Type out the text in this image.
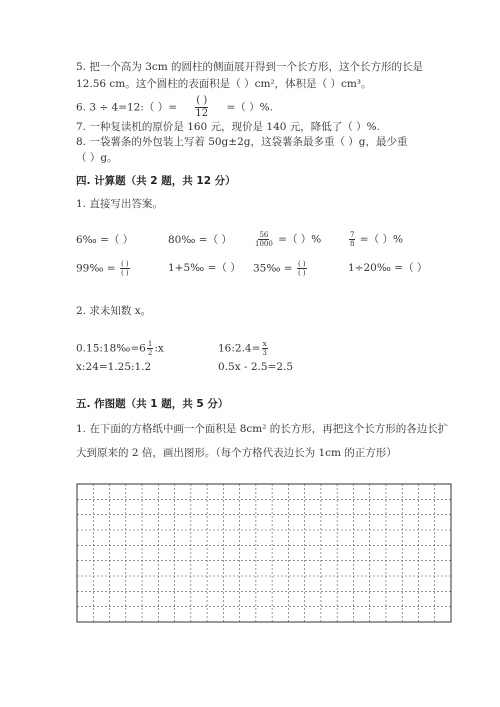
5. 把一个高为 3cm 的圆柱的侧面展开得到一个长方形，这个长方形的长是
12.56 cm。这个圆柱的表面积是（ ）cm²，体积是（ ）cm³。
6. 3 ÷ 4=12:（ ）= $\frac{( )}{12}$ =（ ）%.
7. 一种复读机的原价是 160 元，现价是 140 元，降低了（ ）%.
8. 一袋薯条的外包装上写着 50g±2g，这袋薯条最多重（ ）g，最少重
（ ）g。
四. 计算题（共 2 题，共 12 分）
1. 直接写出答案。
6‰ =（ ）	80‰ =（ ）	$\frac{56}{1000}$ =（ ）%	$\frac{7}{8}$ =（ ）%
99‰ = $\frac{( )}{( )}$	1+5‰ =（ ） 35‰ = $\frac{( )}{( )}$	1÷20‰ =（ ）
2. 求未知数 x。
0.15:18‰=6 $\frac{1}{2}$ :x	16:2.4= $\frac{x}{3}$
x:24=1.25:1.2	0.5x - 2.5=2.5
五. 作图题（共 1 题，共 5 分）
1. 在下面的方格纸中画一个面积是 8cm² 的长方形，再把这个长方形的各边长扩
大到原来的 2 倍，画出图形。（每个方格代表边长为 1cm 的正方形）
